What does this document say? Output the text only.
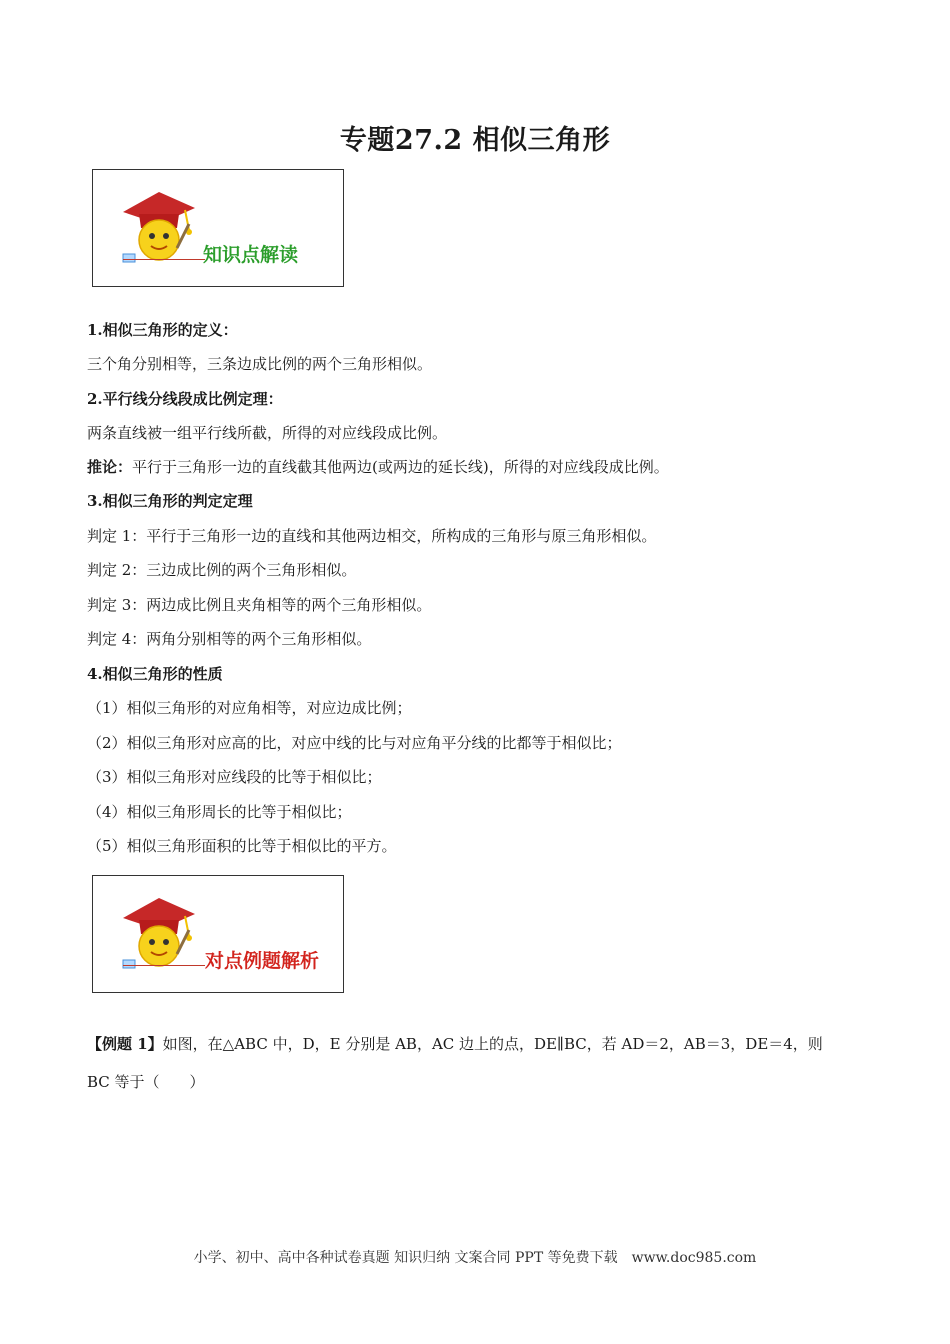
专题27.2 相似三角形
知识点解读
1.相似三角形的定义：
三个角分别相等，三条边成比例的两个三角形相似。
2.平行线分线段成比例定理：
两条直线被一组平行线所截，所得的对应线段成比例。
推论：平行于三角形一边的直线截其他两边(或两边的延长线)，所得的对应线段成比例。
3.相似三角形的判定定理
判定 1：平行于三角形一边的直线和其他两边相交，所构成的三角形与原三角形相似。
判定 2：三边成比例的两个三角形相似。
判定 3：两边成比例且夹角相等的两个三角形相似。
判定 4：两角分别相等的两个三角形相似。
4.相似三角形的性质
（1）相似三角形的对应角相等，对应边成比例；
（2）相似三角形对应高的比，对应中线的比与对应角平分线的比都等于相似比；
（3）相似三角形对应线段的比等于相似比；
（4）相似三角形周长的比等于相似比；
（5）相似三角形面积的比等于相似比的平方。
对点例题解析
【例题 1】如图，在△ABC 中，D，E 分别是 AB，AC 边上的点，DE∥BC，若 AD＝2，AB＝3，DE＝4，则
BC 等于（　　）
小学、初中、高中各种试卷真题 知识归纳 文案合同 PPT 等免费下载　www.doc985.com
